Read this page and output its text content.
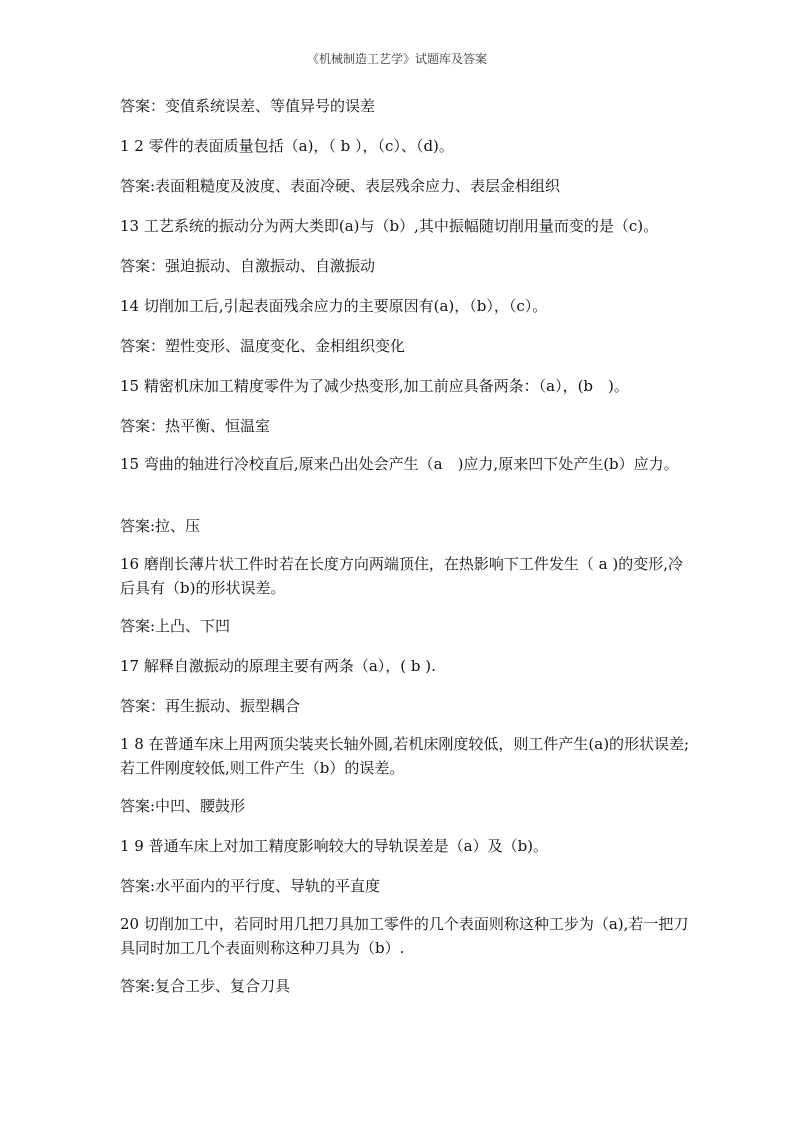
《机械制造工艺学》试题库及答案
答案：变值系统误差、等值异号的误差
1 2 零件的表面质量包括（a)，（ b ），（c）、（d)。
答案:表面粗糙度及波度、表面冷硬、表层残余应力、表层金相组织
13 工艺系统的振动分为两大类即(a)与（b）,其中振幅随切削用量而变的是（c)。
答案：强迫振动、自激振动、自激振动
14 切削加工后,引起表面残余应力的主要原因有(a)，（b），（c）。
答案：塑性变形、温度变化、金相组织变化
15 精密机床加工精度零件为了减少热变形,加工前应具备两条：（a），(b　)。
答案：热平衡、恒温室
15 弯曲的轴进行冷校直后,原来凸出处会产生（a　)应力,原来凹下处产生(b）应力。
答案:拉、压
16 磨削长薄片状工件时若在长度方向两端顶住，在热影响下工件发生（ a )的变形,冷后具有（b)的形状误差。
答案:上凸、下凹
17 解释自激振动的原理主要有两条（a），( b ).
答案：再生振动、振型耦合
1 8 在普通车床上用两顶尖装夹长轴外圆,若机床刚度较低，则工件产生(a)的形状误差;若工件刚度较低,则工件产生（b）的误差。
答案:中凹、腰鼓形
1 9 普通车床上对加工精度影响较大的导轨误差是（a）及（b)。
答案:水平面内的平行度、导轨的平直度
20 切削加工中，若同时用几把刀具加工零件的几个表面则称这种工步为（a),若一把刀具同时加工几个表面则称这种刀具为（b）.
答案:复合工步、复合刀具
